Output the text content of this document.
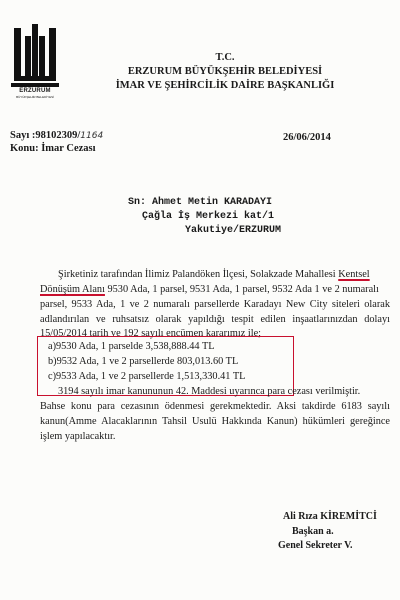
ERZURUM
BÜYÜKŞEHİR BELEDİYESİ
T.C.
ERZURUM BÜYÜKŞEHİR BELEDİYESİ
İMAR VE ŞEHİRCİLİK DAİRE BAŞKANLIĞI
Sayı :98102309/1164	26/06/2014
Konu: İmar Cezası
Sn: Ahmet Metin KARADAYI
Çağla İş Merkezi kat/1
Yakutiye/ERZURUM
Şirketiniz tarafından İlimiz Palandöken İlçesi, Solakzade Mahallesi Kentsel
Dönüşüm Alanı 9530 Ada, 1 parsel, 9531 Ada, 1 parsel, 9532 Ada 1 ve 2 numaralı
parsel, 9533 Ada, 1 ve 2 numaralı parsellerde Karadayı New City siteleri olarak
adlandırılan ve ruhsatsız olarak yapıldığı tespit edilen inşaatlarınızdan dolayı
15/05/2014 tarih ve 192 sayılı encümen kararımız ile;
a)9530 Ada, 1 parselde 3,538,888.44 TL
b)9532 Ada, 1 ve 2 parsellerde 803,013.60 TL
c)9533 Ada, 1 ve 2 parsellerde 1,513,330.41 TL
3194 sayılı imar kanununun 42. Maddesi uyarınca para cezası verilmiştir.
Bahse konu para cezasının ödenmesi gerekmektedir. Aksi takdirde 6183 sayılı
kanun(Amme Alacaklarının Tahsil Usulü Hakkında Kanun) hükümleri gereğince
işlem yapılacaktır.
Ali Rıza KİREMİTCİ
Başkan a.
Genel Sekreter V.
